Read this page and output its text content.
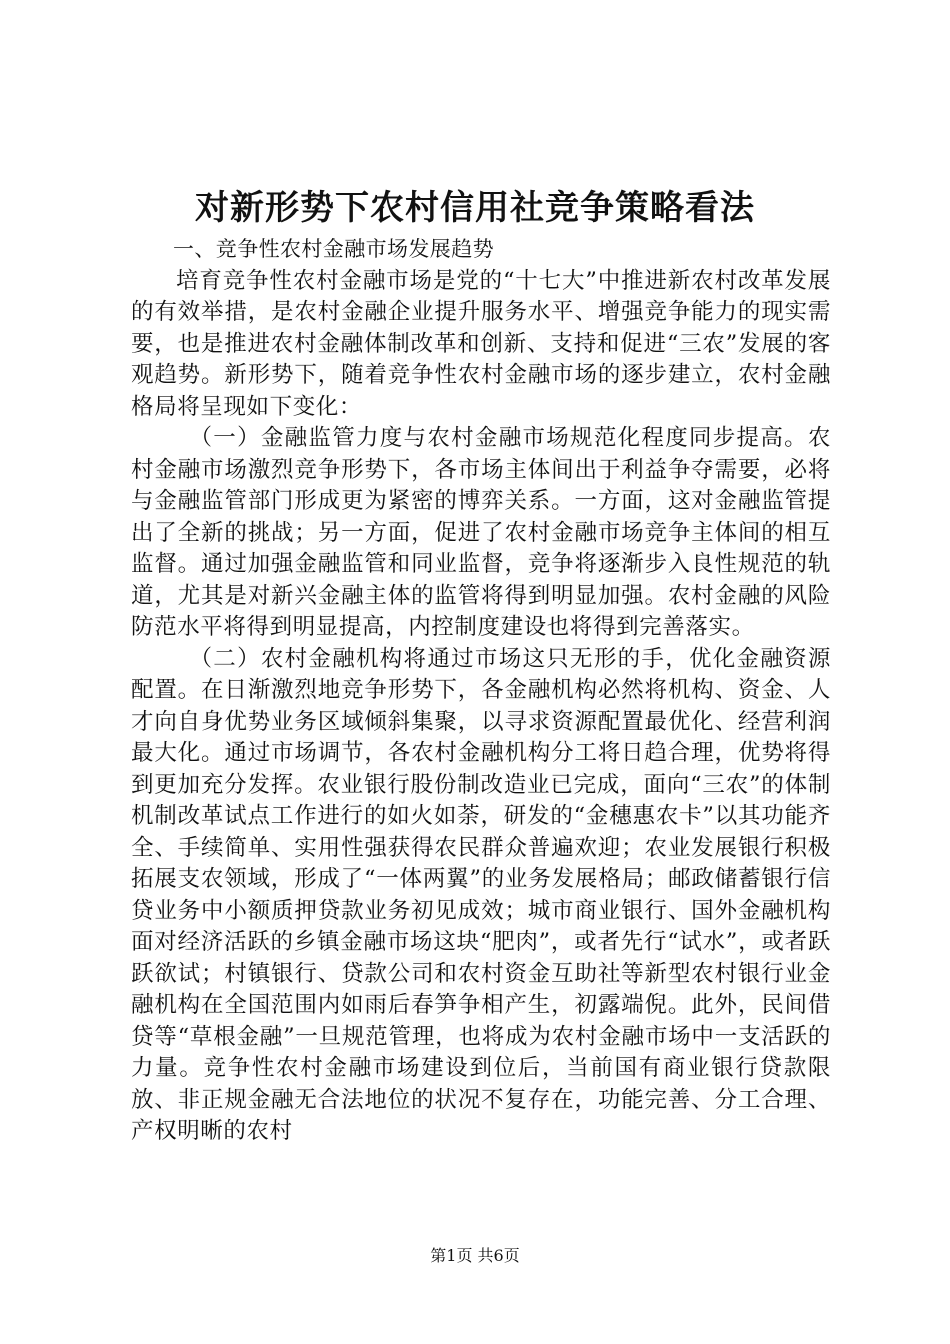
对新形势下农村信用社竞争策略看法

一、竞争性农村金融市场发展趋势

培育竞争性农村金融市场是党的“十七大”中推进新农村改革发展的有效举措，是农村金融企业提升服务水平、增强竞争能力的现实需要，也是推进农村金融体制改革和创新、支持和促进“三农”发展的客观趋势。新形势下，随着竞争性农村金融市场的逐步建立，农村金融格局将呈现如下变化：

（一）金融监管力度与农村金融市场规范化程度同步提高。农村金融市场激烈竞争形势下，各市场主体间出于利益争夺需要，必将与金融监管部门形成更为紧密的博弈关系。一方面，这对金融监管提出了全新的挑战；另一方面，促进了农村金融市场竞争主体间的相互监督。通过加强金融监管和同业监督，竞争将逐渐步入良性规范的轨道，尤其是对新兴金融主体的监管将得到明显加强。农村金融的风险防范水平将得到明显提高，内控制度建设也将得到完善落实。

（二）农村金融机构将通过市场这只无形的手，优化金融资源配置。在日渐激烈地竞争形势下，各金融机构必然将机构、资金、人才向自身优势业务区域倾斜集聚，以寻求资源配置最优化、经营利润最大化。通过市场调节，各农村金融机构分工将日趋合理，优势将得到更加充分发挥。农业银行股份制改造业已完成，面向“三农”的体制机制改革试点工作进行的如火如荼，研发的“金穗惠农卡”以其功能齐全、手续简单、实用性强获得农民群众普遍欢迎；农业发展银行积极拓展支农领域，形成了“一体两翼”的业务发展格局；邮政储蓄银行信贷业务中小额质押贷款业务初见成效；城市商业银行、国外金融机构面对经济活跃的乡镇金融市场这块“肥肉”，或者先行“试水”，或者跃跃欲试；村镇银行、贷款公司和农村资金互助社等新型农村银行业金融机构在全国范围内如雨后春笋争相产生，初露端倪。此外，民间借贷等“草根金融”一旦规范管理，也将成为农村金融市场中一支活跃的力量。竞争性农村金融市场建设到位后，当前国有商业银行贷款限放、非正规金融无合法地位的状况不复存在，功能完善、分工合理、产权明晰的农村

第1页 共6页
